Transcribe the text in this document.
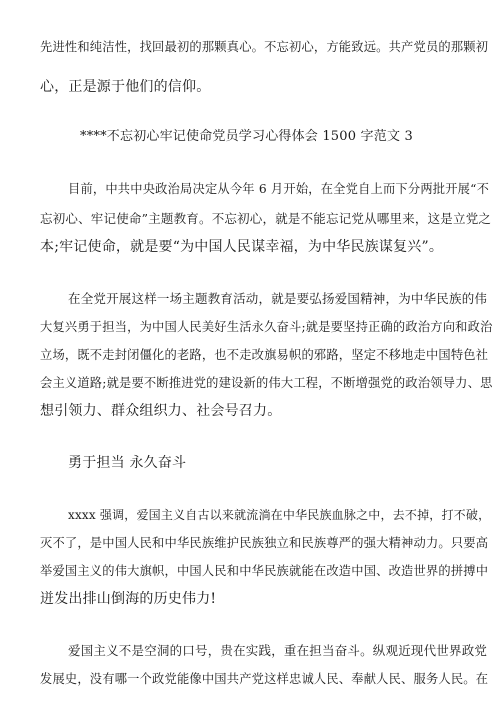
先进性和纯洁性，找回最初的那颗真心。不忘初心，方能致远。共产党员的那颗初
心，正是源于他们的信仰。
****不忘初心牢记使命党员学习心得体会 1500 字范文 3
目前，中共中央政治局决定从今年 6 月开始，在全党自上而下分两批开展“不
忘初心、牢记使命”主题教育。不忘初心，就是不能忘记党从哪里来，这是立党之
本;牢记使命，就是要“为中国人民谋幸福，为中华民族谋复兴”。
在全党开展这样一场主题教育活动，就是要弘扬爱国精神，为中华民族的伟
大复兴勇于担当，为中国人民美好生活永久奋斗;就是要坚持正确的政治方向和政治
立场，既不走封闭僵化的老路，也不走改旗易帜的邪路，坚定不移地走中国特色社
会主义道路;就是要不断推进党的建设新的伟大工程，不断增强党的政治领导力、思
想引领力、群众组织力、社会号召力。
勇于担当 永久奋斗
xxxx 强调，爱国主义自古以来就流淌在中华民族血脉之中，去不掉，打不破，
灭不了，是中国人民和中华民族维护民族独立和民族尊严的强大精神动力。只要高
举爱国主义的伟大旗帜，中国人民和中华民族就能在改造中国、改造世界的拼搏中
迸发出排山倒海的历史伟力!
爱国主义不是空洞的口号，贵在实践，重在担当奋斗。纵观近现代世界政党
发展史，没有哪一个政党能像中国共产党这样忠诚人民、奉献人民、服务人民。在
